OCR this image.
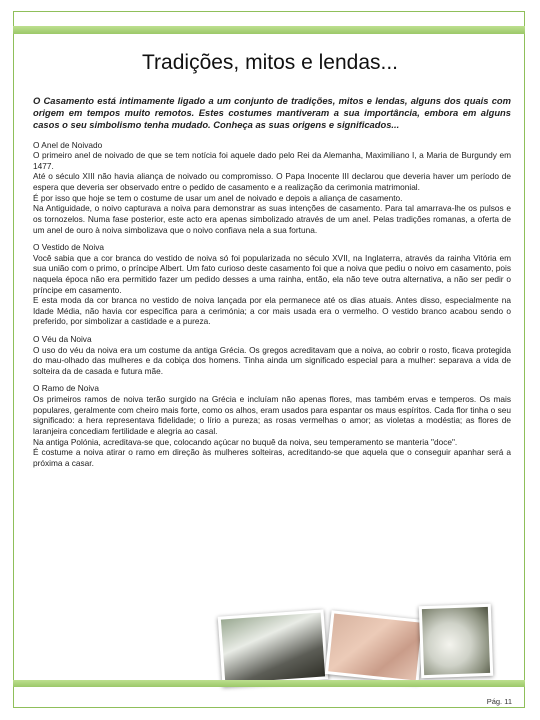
Tradições, mitos e lendas...

O Casamento está intimamente ligado a um conjunto de tradições, mitos e lendas, alguns dos quais com origem em tempos muito remotos. Estes costumes mantiveram a sua importância, embora em alguns casos o seu simbolismo tenha mudado. Conheça as suas origens e significados...

O Anel de Noivado

O primeiro anel de noivado de que se tem notícia foi aquele dado pelo Rei da Alemanha, Maximiliano I, a Maria de Burgundy em 1477.

Até o século XIII não havia aliança de noivado ou compromisso. O Papa Inocente III declarou que deveria haver um período de espera que deveria ser observado entre o pedido de casamento e a realização da cerimonia matrimonial.

É por isso que hoje se tem o costume de usar um anel de noivado e depois a aliança de casamento.

Na Antiguidade, o noivo capturava a noiva para demonstrar as suas intenções de casamento. Para tal amarrava-lhe os pulsos e os tornozelos. Numa fase posterior, este acto era apenas simbolizado através de um anel. Pelas tradições romanas, a oferta de um anel de ouro à noiva simbolizava que o noivo confiava nela a sua fortuna.

O Vestido de Noiva

Você sabia que a cor branca do vestido de noiva só foi popularizada no século XVII, na Inglaterra, através da rainha Vitória em sua união com o primo, o príncipe Albert. Um fato curioso deste casamento foi que a noiva que pediu o noivo em casamento, pois naquela época não era permitido fazer um pedido desses a uma rainha, então, ela não teve outra alternativa, a não ser pedir o príncipe em casamento.

E esta moda da cor branca no vestido de noiva lançada por ela permanece até os dias atuais. Antes disso, especialmente na Idade Média, não havia cor específica para a cerimónia; a cor mais usada era o vermelho. O vestido branco acabou sendo o preferido, por simbolizar a castidade e a pureza.

O Véu da Noiva

O uso do véu da noiva era um costume da antiga Grécia. Os gregos acreditavam que a noiva, ao cobrir o rosto, ficava protegida do mau-olhado das mulheres e da cobiça dos homens. Tinha ainda um significado especial para a mulher: separava a vida de solteira da de casada e futura mãe.

O Ramo de Noiva

Os primeiros ramos de noiva terão surgido na Grécia e incluíam não apenas flores, mas também ervas e temperos. Os mais populares, geralmente com cheiro mais forte, como os alhos, eram usados para espantar os maus espíritos. Cada flor tinha o seu significado: a hera representava fidelidade; o lírio a pureza; as rosas vermelhas o amor; as violetas a modéstia; as flores de laranjeira concediam fertilidade e alegria ao casal.

Na antiga Polónia, acreditava-se que, colocando açúcar no buquê da noiva, seu temperamento se manteria "doce".

É costume a noiva atirar o ramo em direção às mulheres solteiras, acreditando-se que aquela que o conseguir apanhar será a próxima a casar.

Pág. 11
